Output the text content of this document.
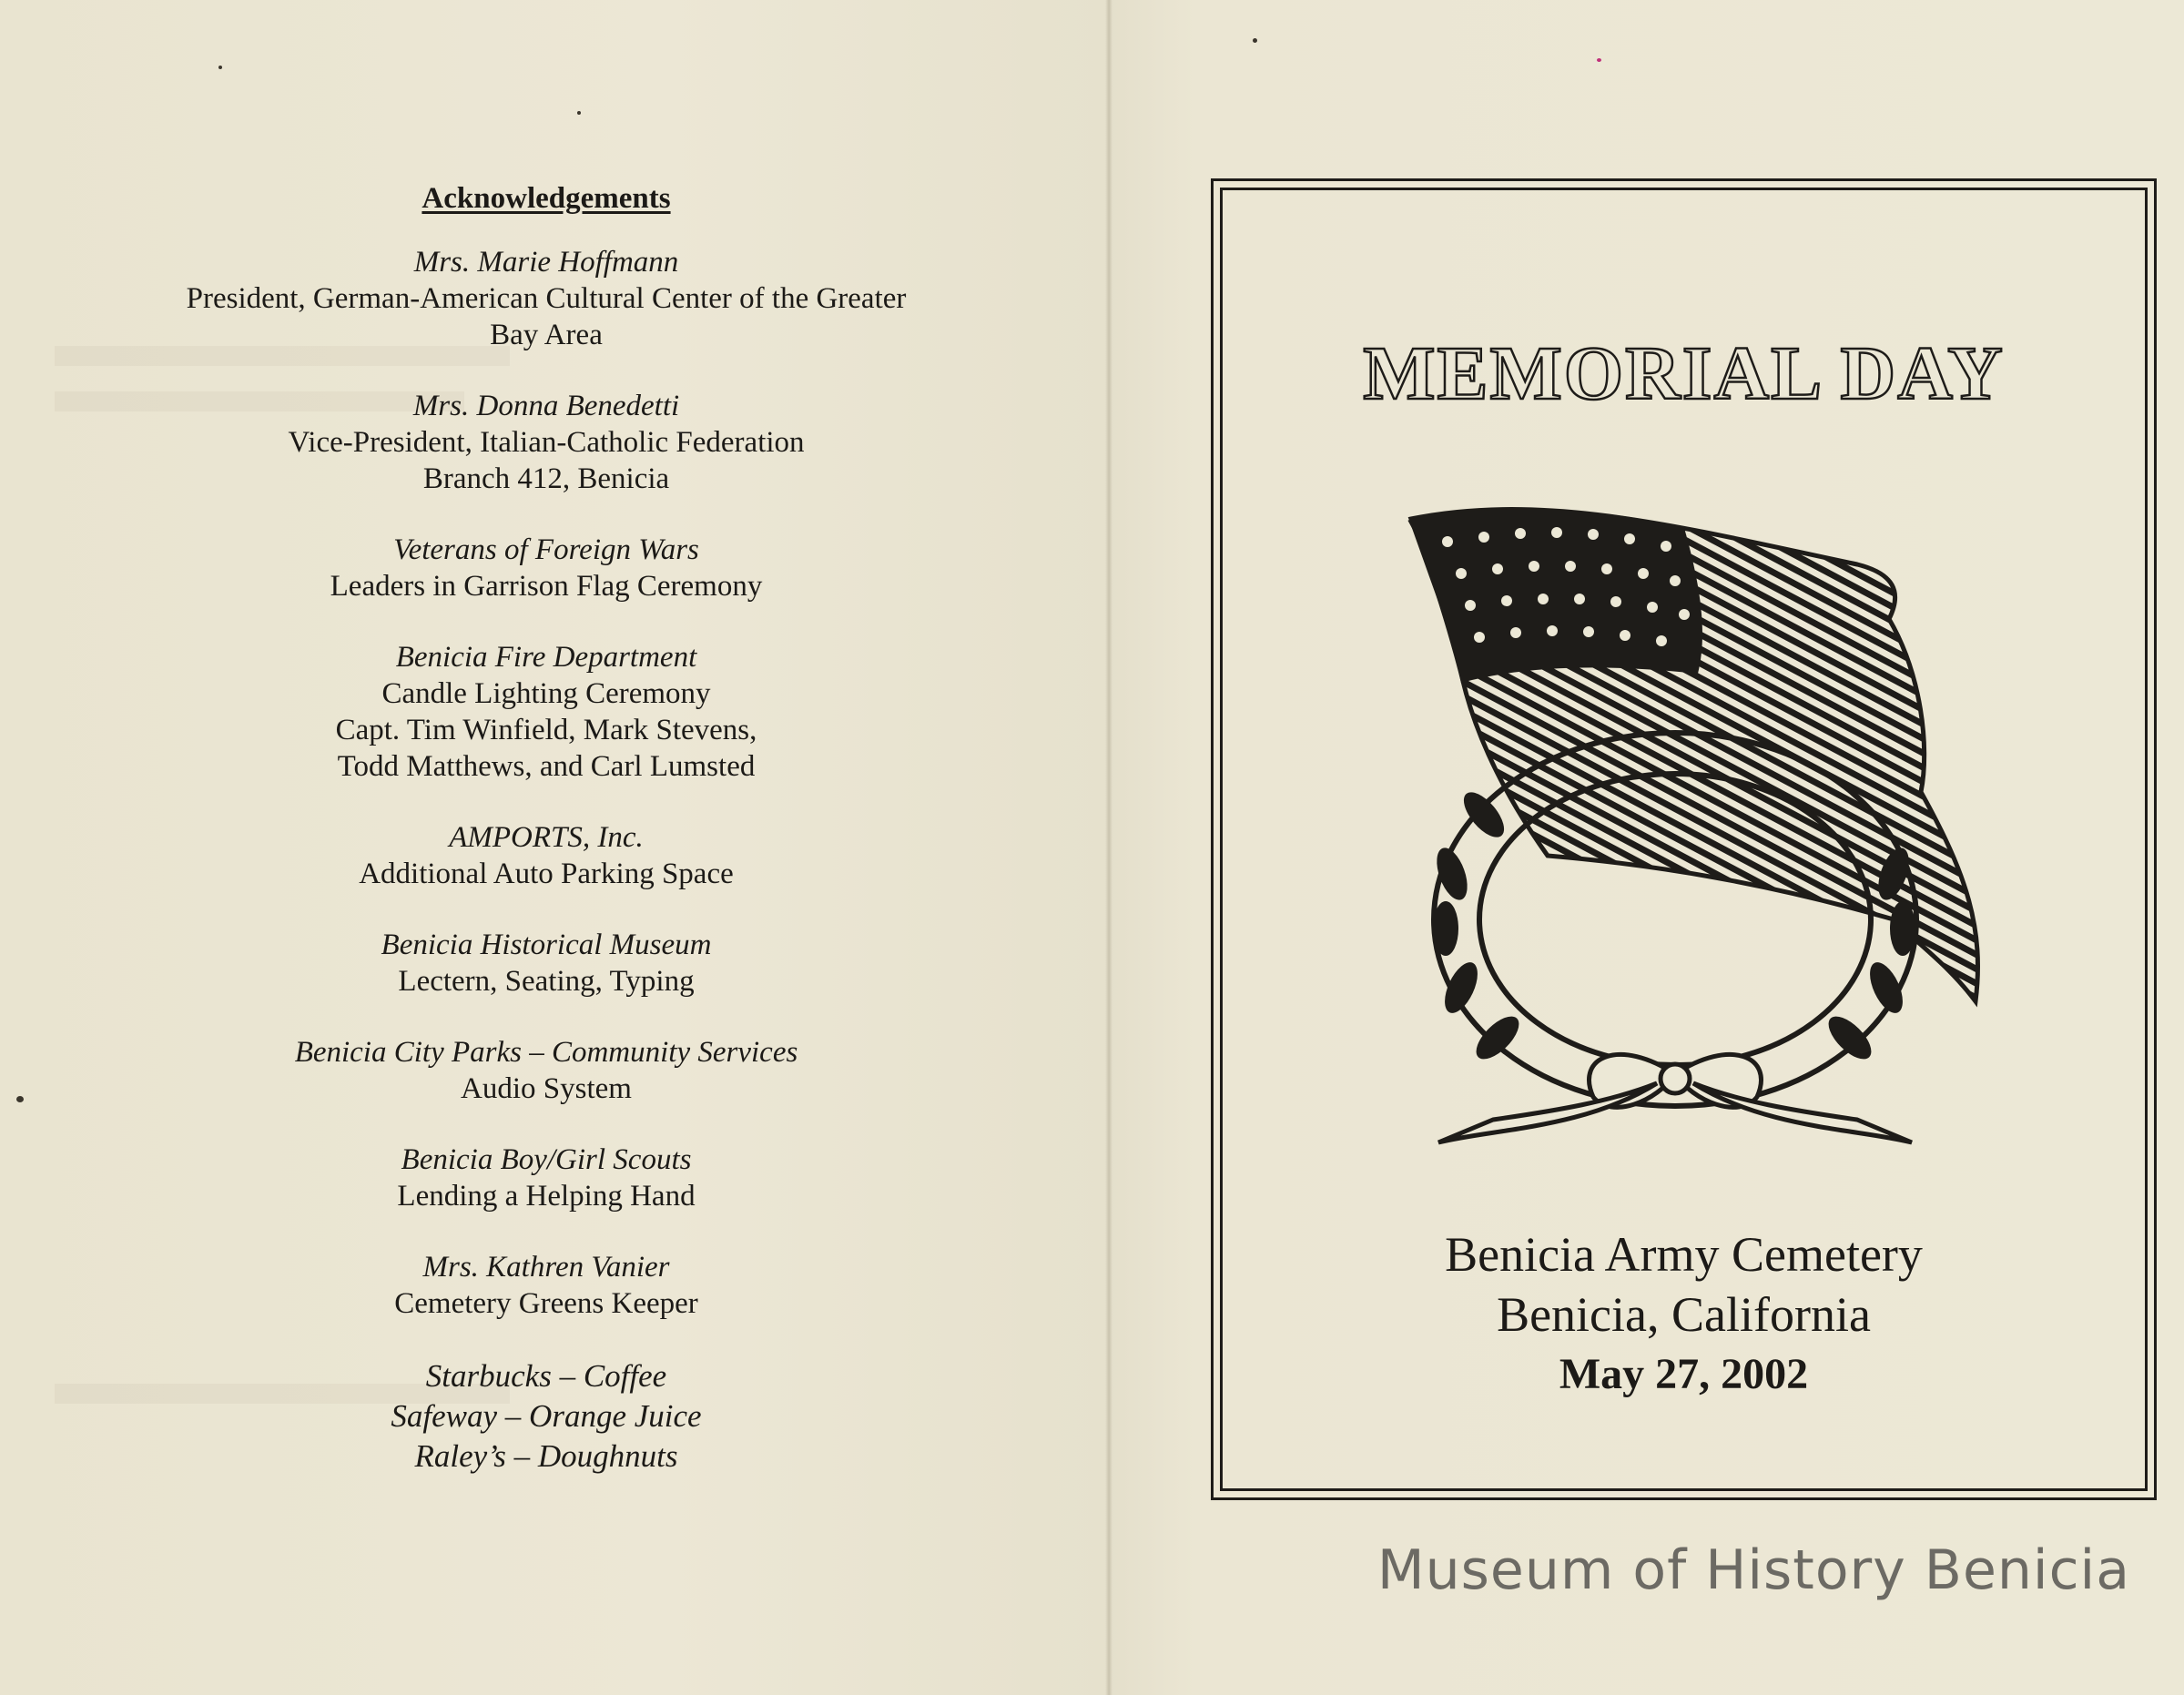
Acknowledgements
Mrs. Marie Hoffmann
President, German-American Cultural Center of the Greater
Bay Area
Mrs. Donna Benedetti
Vice-President, Italian-Catholic Federation
Branch 412, Benicia
Veterans of Foreign Wars
Leaders in Garrison Flag Ceremony
Benicia Fire Department
Candle Lighting Ceremony
Capt. Tim Winfield, Mark Stevens,
Todd Matthews, and Carl Lumsted
AMPORTS, Inc.
Additional Auto Parking Space
Benicia Historical Museum
Lectern, Seating, Typing
Benicia City Parks – Community Services
Audio System
Benicia Boy/Girl Scouts
Lending a Helping Hand
Mrs. Kathren Vanier
Cemetery Greens Keeper
Starbucks – Coffee
Safeway – Orange Juice
Raley’s – Doughnuts
MEMORIAL DAY
Benicia Army Cemetery
Benicia, California
May 27, 2002
Museum of History Benicia
